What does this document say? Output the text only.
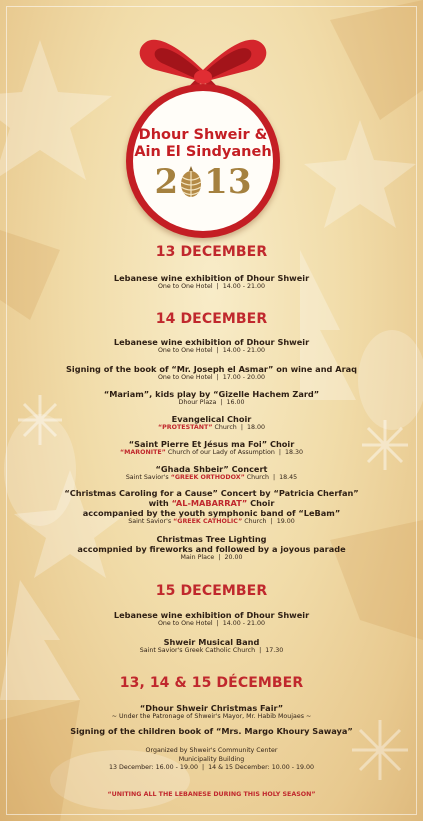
Dhour Shweir &
Ain El Sindyaneh
2 13
13 DECEMBER
Lebanese wine exhibition of Dhour Shweir
One to One Hotel | 14.00 - 21.00
14 DECEMBER
Lebanese wine exhibition of Dhour Shweir
One to One Hotel | 14.00 - 21.00
Signing of the book of “Mr. Joseph el Asmar” on wine and Araq
One to One Hotel | 17.00 - 20.00
“Mariam”, kids play by “Gizelle Hachem Zard”
Dhour Plaza | 16.00
Evangelical Choir
“PROTESTANT” Church | 18.00
“Saint Pierre Et Jésus ma Foi” Choir
“MARONITE” Church of our Lady of Assumption | 18.30
“Ghada Shbeir” Concert
Saint Savior's “GREEK ORTHODOX” Church | 18.45
“Christmas Caroling for a Cause” Concert by “Patricia Cherfan”
with “AL-MABARRAT” Choir
accompanied by the youth symphonic band of “LeBam”
Saint Savior's “GREEK CATHOLIC” Church | 19.00
Christmas Tree Lighting
accompnied by fireworks and followed by a joyous parade
Main Place | 20.00
15 DECEMBER
Lebanese wine exhibition of Dhour Shweir
One to One Hotel | 14.00 - 21.00
Shweir Musical Band
Saint Savior's Greek Catholic Church | 17.30
13, 14 & 15 DÉCEMBER
“Dhour Shweir Christmas Fair”
~ Under the Patronage of Shweir's Mayor, Mr. Habib Moujaes ~
Signing of the children book of “Mrs. Margo Khoury Sawaya”
Organized by Shweir's Community Center
Municipality Building
13 December: 16.00 - 19.00 | 14 & 15 December: 10.00 - 19.00
“UNITING ALL THE LEBANESE DURING THIS HOLY SEASON”
